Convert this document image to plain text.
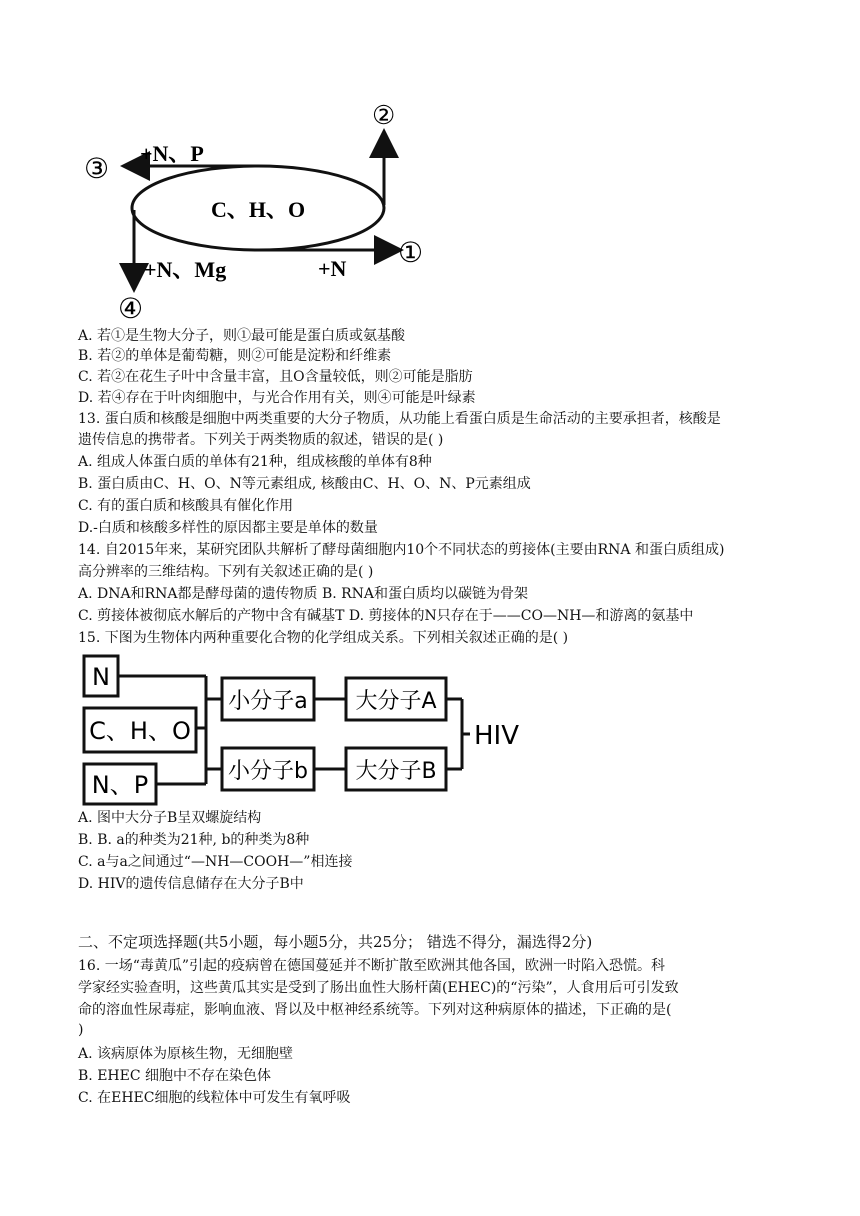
C、H、O
+N、P
+N、Mg	+N ①
②
③
④
A. 若①是生物大分子，则①最可能是蛋白质或氨基酸
B. 若②的单体是葡萄糖，则②可能是淀粉和纤维素
C. 若②在花生子叶中含量丰富，且O含量较低，则②可能是脂肪
D. 若④存在于叶肉细胞中，与光合作用有关，则④可能是叶绿素
13. 蛋白质和核酸是细胞中两类重要的大分子物质，从功能上看蛋白质是生命活动的主要承担者，核酸是
遗传信息的携带者。下列关于两类物质的叙述，错误的是( )
A. 组成人体蛋白质的单体有21种，组成核酸的单体有8种
B. 蛋白质由C、H、O、N等元素组成, 核酸由C、H、O、N、P元素组成
C. 有的蛋白质和核酸具有催化作用
D.-白质和核酸多样性的原因都主要是单体的数量
14. 自2015年来，某研究团队共解析了酵母菌细胞内10个不同状态的剪接体(主要由RNA 和蛋白质组成)
高分辨率的三维结构。下列有关叙述正确的是( )
A. DNA和RNA都是酵母菌的遗传物质 B. RNA和蛋白质均以碳链为骨架
C. 剪接体被彻底水解后的产物中含有碱基T D. 剪接体的N只存在于——CO—NH—和游离的氨基中
15. 下图为生物体内两种重要化合物的化学组成关系。下列相关叙述正确的是( )
N
C、H、O
N、P
小分子a
小分子b
大分子A
大分子B
HIV
A. 图中大分子B呈双螺旋结构
B. B. a的种类为21种, b的种类为8种
C. a与a之间通过“—NH—COOH—”相连接
D. HIV的遗传信息储存在大分子B中
二、不定项选择题(共5小题，每小题5分，共25分； 错选不得分，漏选得2分)
16. 一场“毒黄瓜”引起的疫病曾在德国蔓延并不断扩散至欧洲其他各国，欧洲一时陷入恐慌。科
学家经实验查明，这些黄瓜其实是受到了肠出血性大肠杆菌(EHEC)的“污染”，人食用后可引发致
命的溶血性尿毒症，影响血液、肾以及中枢神经系统等。下列对这种病原体的描述，下正确的是(
)
A. 该病原体为原核生物，无细胞壁
B. EHEC 细胞中不存在染色体
C. 在EHEC细胞的线粒体中可发生有氧呼吸
